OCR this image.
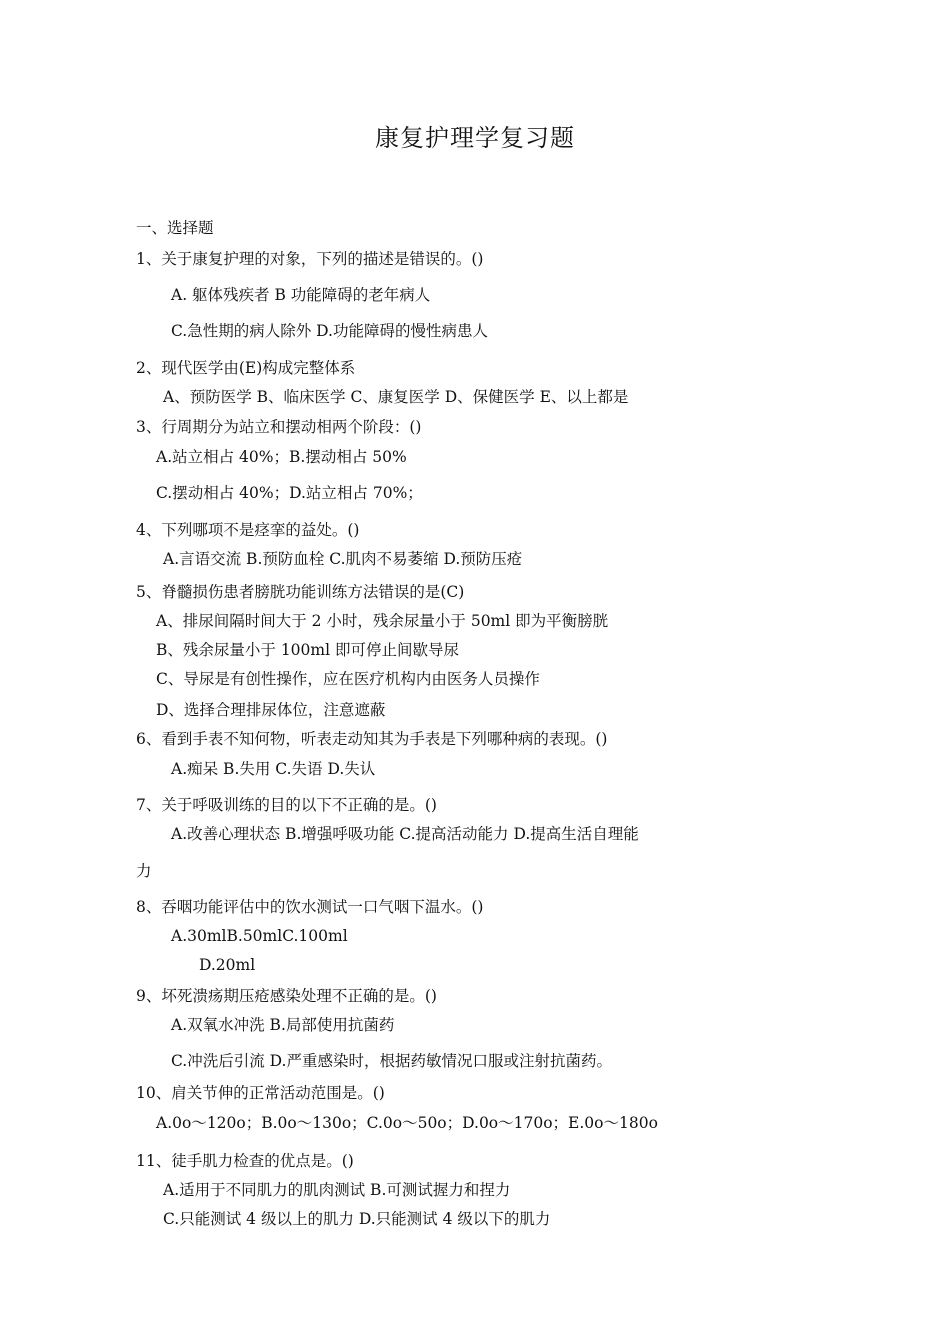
康复护理学复习题
一、选择题
1、关于康复护理的对象，下列的描述是错误的。()
A. 躯体残疾者 B 功能障碍的老年病人
C.急性期的病人除外 D.功能障碍的慢性病患人
2、现代医学由(E)构成完整体系
A、预防医学 B、临床医学 C、康复医学 D、保健医学 E、以上都是
3、行周期分为站立和摆动相两个阶段：()
A.站立相占 40%；B.摆动相占 50%
C.摆动相占 40%；D.站立相占 70%；
4、下列哪项不是痉挛的益处。()
A.言语交流 B.预防血栓 C.肌肉不易萎缩 D.预防压疮
5、脊髓损伤患者膀胱功能训练方法错误的是(C)
A、排尿间隔时间大于 2 小时，残余尿量小于 50ml 即为平衡膀胱
B、残余尿量小于 100ml 即可停止间歇导尿
C、导尿是有创性操作，应在医疗机构内由医务人员操作
D、选择合理排尿体位，注意遮蔽
6、看到手表不知何物，听表走动知其为手表是下列哪种病的表现。()
A.痴呆 B.失用 C.失语 D.失认
7、关于呼吸训练的目的以下不正确的是。()
A.改善心理状态 B.增强呼吸功能 C.提高活动能力 D.提高生活自理能
力
8、吞咽功能评估中的饮水测试一口气咽下温水。()
A.30mlB.50mlC.100ml
D.20ml
9、坏死溃疡期压疮感染处理不正确的是。()
A.双氧水冲洗 B.局部使用抗菌药
C.冲洗后引流 D.严重感染时，根据药敏情况口服或注射抗菌药。
10、肩关节伸的正常活动范围是。()
A.0o〜120o；B.0o〜130o；C.0o〜50o；D.0o〜170o；E.0o〜180o
11、徒手肌力检查的优点是。()
A.适用于不同肌力的肌肉测试 B.可测试握力和捏力
C.只能测试 4 级以上的肌力 D.只能测试 4 级以下的肌力
